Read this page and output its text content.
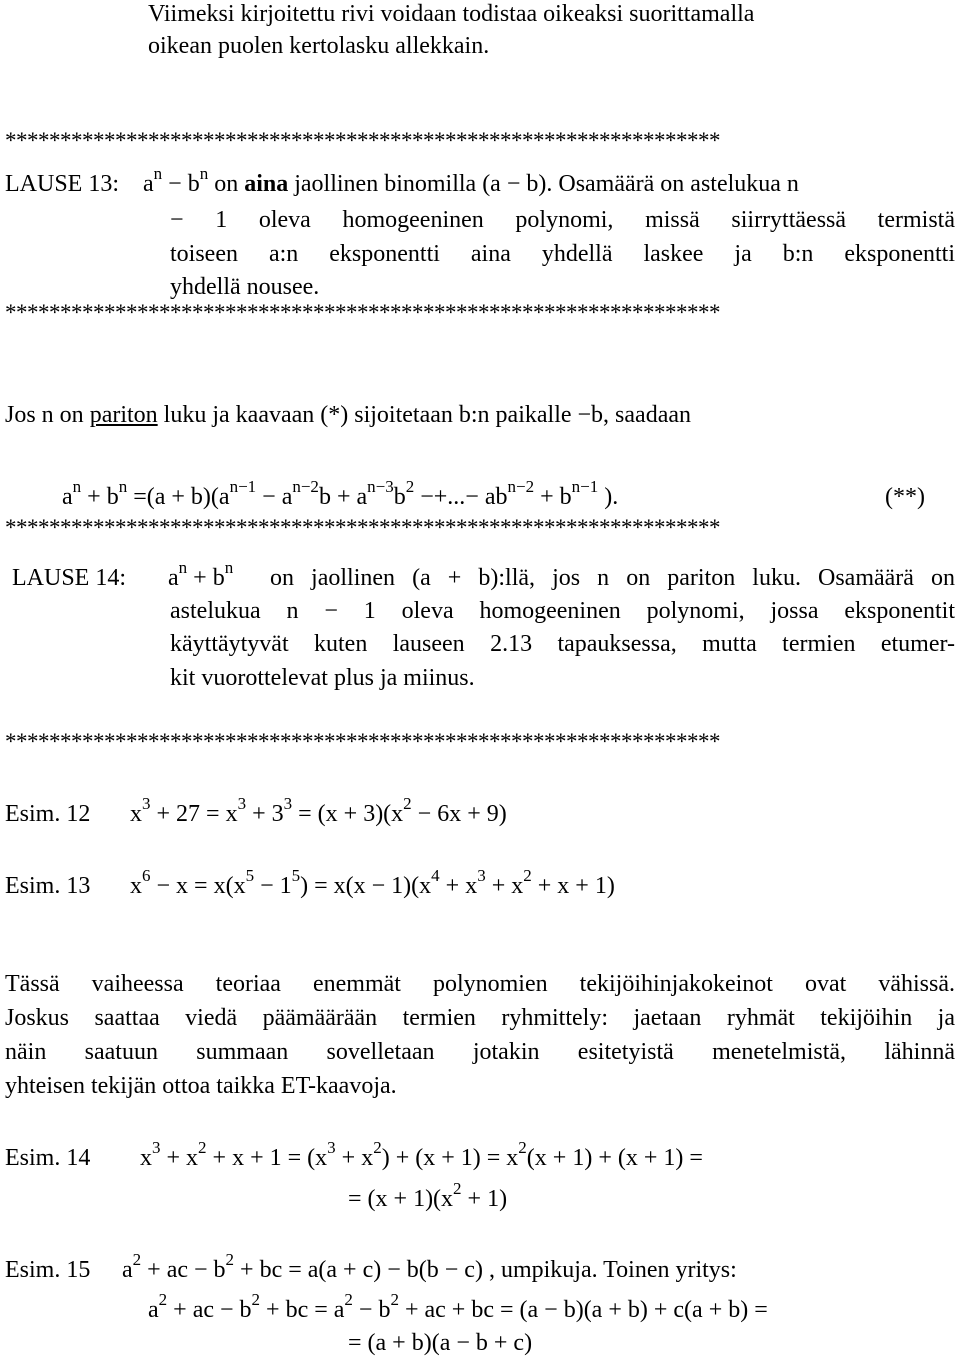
Viimeksi kirjoitettu rivi voidaan todistaa oikeaksi suorittamalla
oikean puolen kertolasku allekkain.
*****************************************************************
LAUSE 13: $a^n - b^n$ on aina jaollinen binomilla (a − b). Osamäärä on astelukua n
− 1 oleva homogeeninen polynomi, missä siirryttäessä termistä
toiseen a:n eksponentti aina yhdellä laskee ja b:n eksponentti
yhdellä nousee.
*****************************************************************
Jos n on pariton luku ja kaavaan (*) sijoitetaan b:n paikalle −b, saadaan
$a^n + b^n =(a + b)(a^{n-1} - a^{n-2}b + a^{n-3}b^2$ −+...− $ab^{n-2} + b^{n-1}$ ).	(**)
*****************************************************************
LAUSE 14: $a^n + b^n$ on jaollinen (a + b):llä, jos n on pariton luku. Osamäärä on
astelukua n − 1 oleva homogeeninen polynomi, jossa eksponentit
käyttäytyvät kuten lauseen 2.13 tapauksessa, mutta termien etumer-
kit vuorottelevat plus ja miinus.
*****************************************************************
Esim. 12 $x^3 + 27 = x^3 + 3^3 = (x + 3)(x^2 - 6x + 9)$
Esim. 13 $x^6 - x = x(x^5 - 1^5) = x(x - 1)(x^4 + x^3 + x^2 + x + 1)$
Tässä vaiheessa teoriaa enemmät polynomien tekijöihinjakokeinot ovat vähissä.
Joskus saattaa viedä päämäärään termien ryhmittely: jaetaan ryhmät tekijöihin ja
näin saatuun summaan sovelletaan jotakin esitetyistä menetelmistä, lähinnä
yhteisen tekijän ottoa taikka ET-kaavoja.
Esim. 14 $x^3 + x^2 + x + 1 = (x^3 + x^2) + (x + 1) = x^2(x + 1) + (x + 1)$ =
= $(x + 1)(x^2 + 1)$
Esim. 15 $a^2$ + ac − $b^2$ + bc = a(a + c) − b(b − c) , umpikuja. Toinen yritys:
$a^2$ + ac − $b^2$ + bc = $a^2 - b^2$ + ac + bc = (a − b)(a + b) + c(a + b) =
= (a + b)(a − b + c)
